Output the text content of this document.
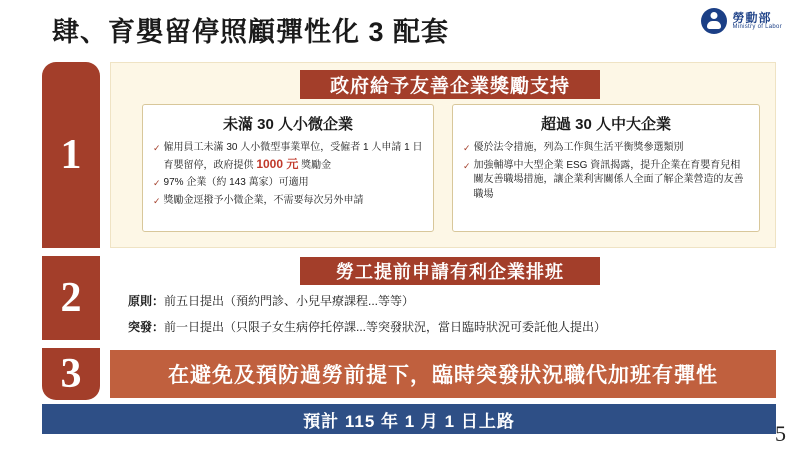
肆、育嬰留停照顧彈性化 3 配套	勞動部
Ministry of Labor
1
政府給予友善企業獎勵支持
未滿 30 人小微企業
✓ 僱用員工未滿 30 人小微型事業單位，受僱者 1 人申請 1 日育嬰留停，政府提供 1000 元 獎勵金
✓ 97% 企業（約 143 萬家）可適用
✓ 獎勵金逕撥予小微企業，不需要每次另外申請
超過 30 人中大企業
✓ 優於法令措施，列為工作與生活平衡獎參選類別
✓ 加強輔導中大型企業 ESG 資訊揭露，提升企業在育嬰育兒相關友善職場措施，讓企業利害關係人全面了解企業營造的友善職場
2
勞工提前申請有利企業排班
原則：前五日提出（預約門診、小兒早療課程...等等）
突發：前一日提出（只限子女生病停托停課...等突發狀況，當日臨時狀況可委託他人提出）
3	在避免及預防過勞前提下，臨時突發狀況職代加班有彈性
預計 115 年 1 月 1 日上路	5
